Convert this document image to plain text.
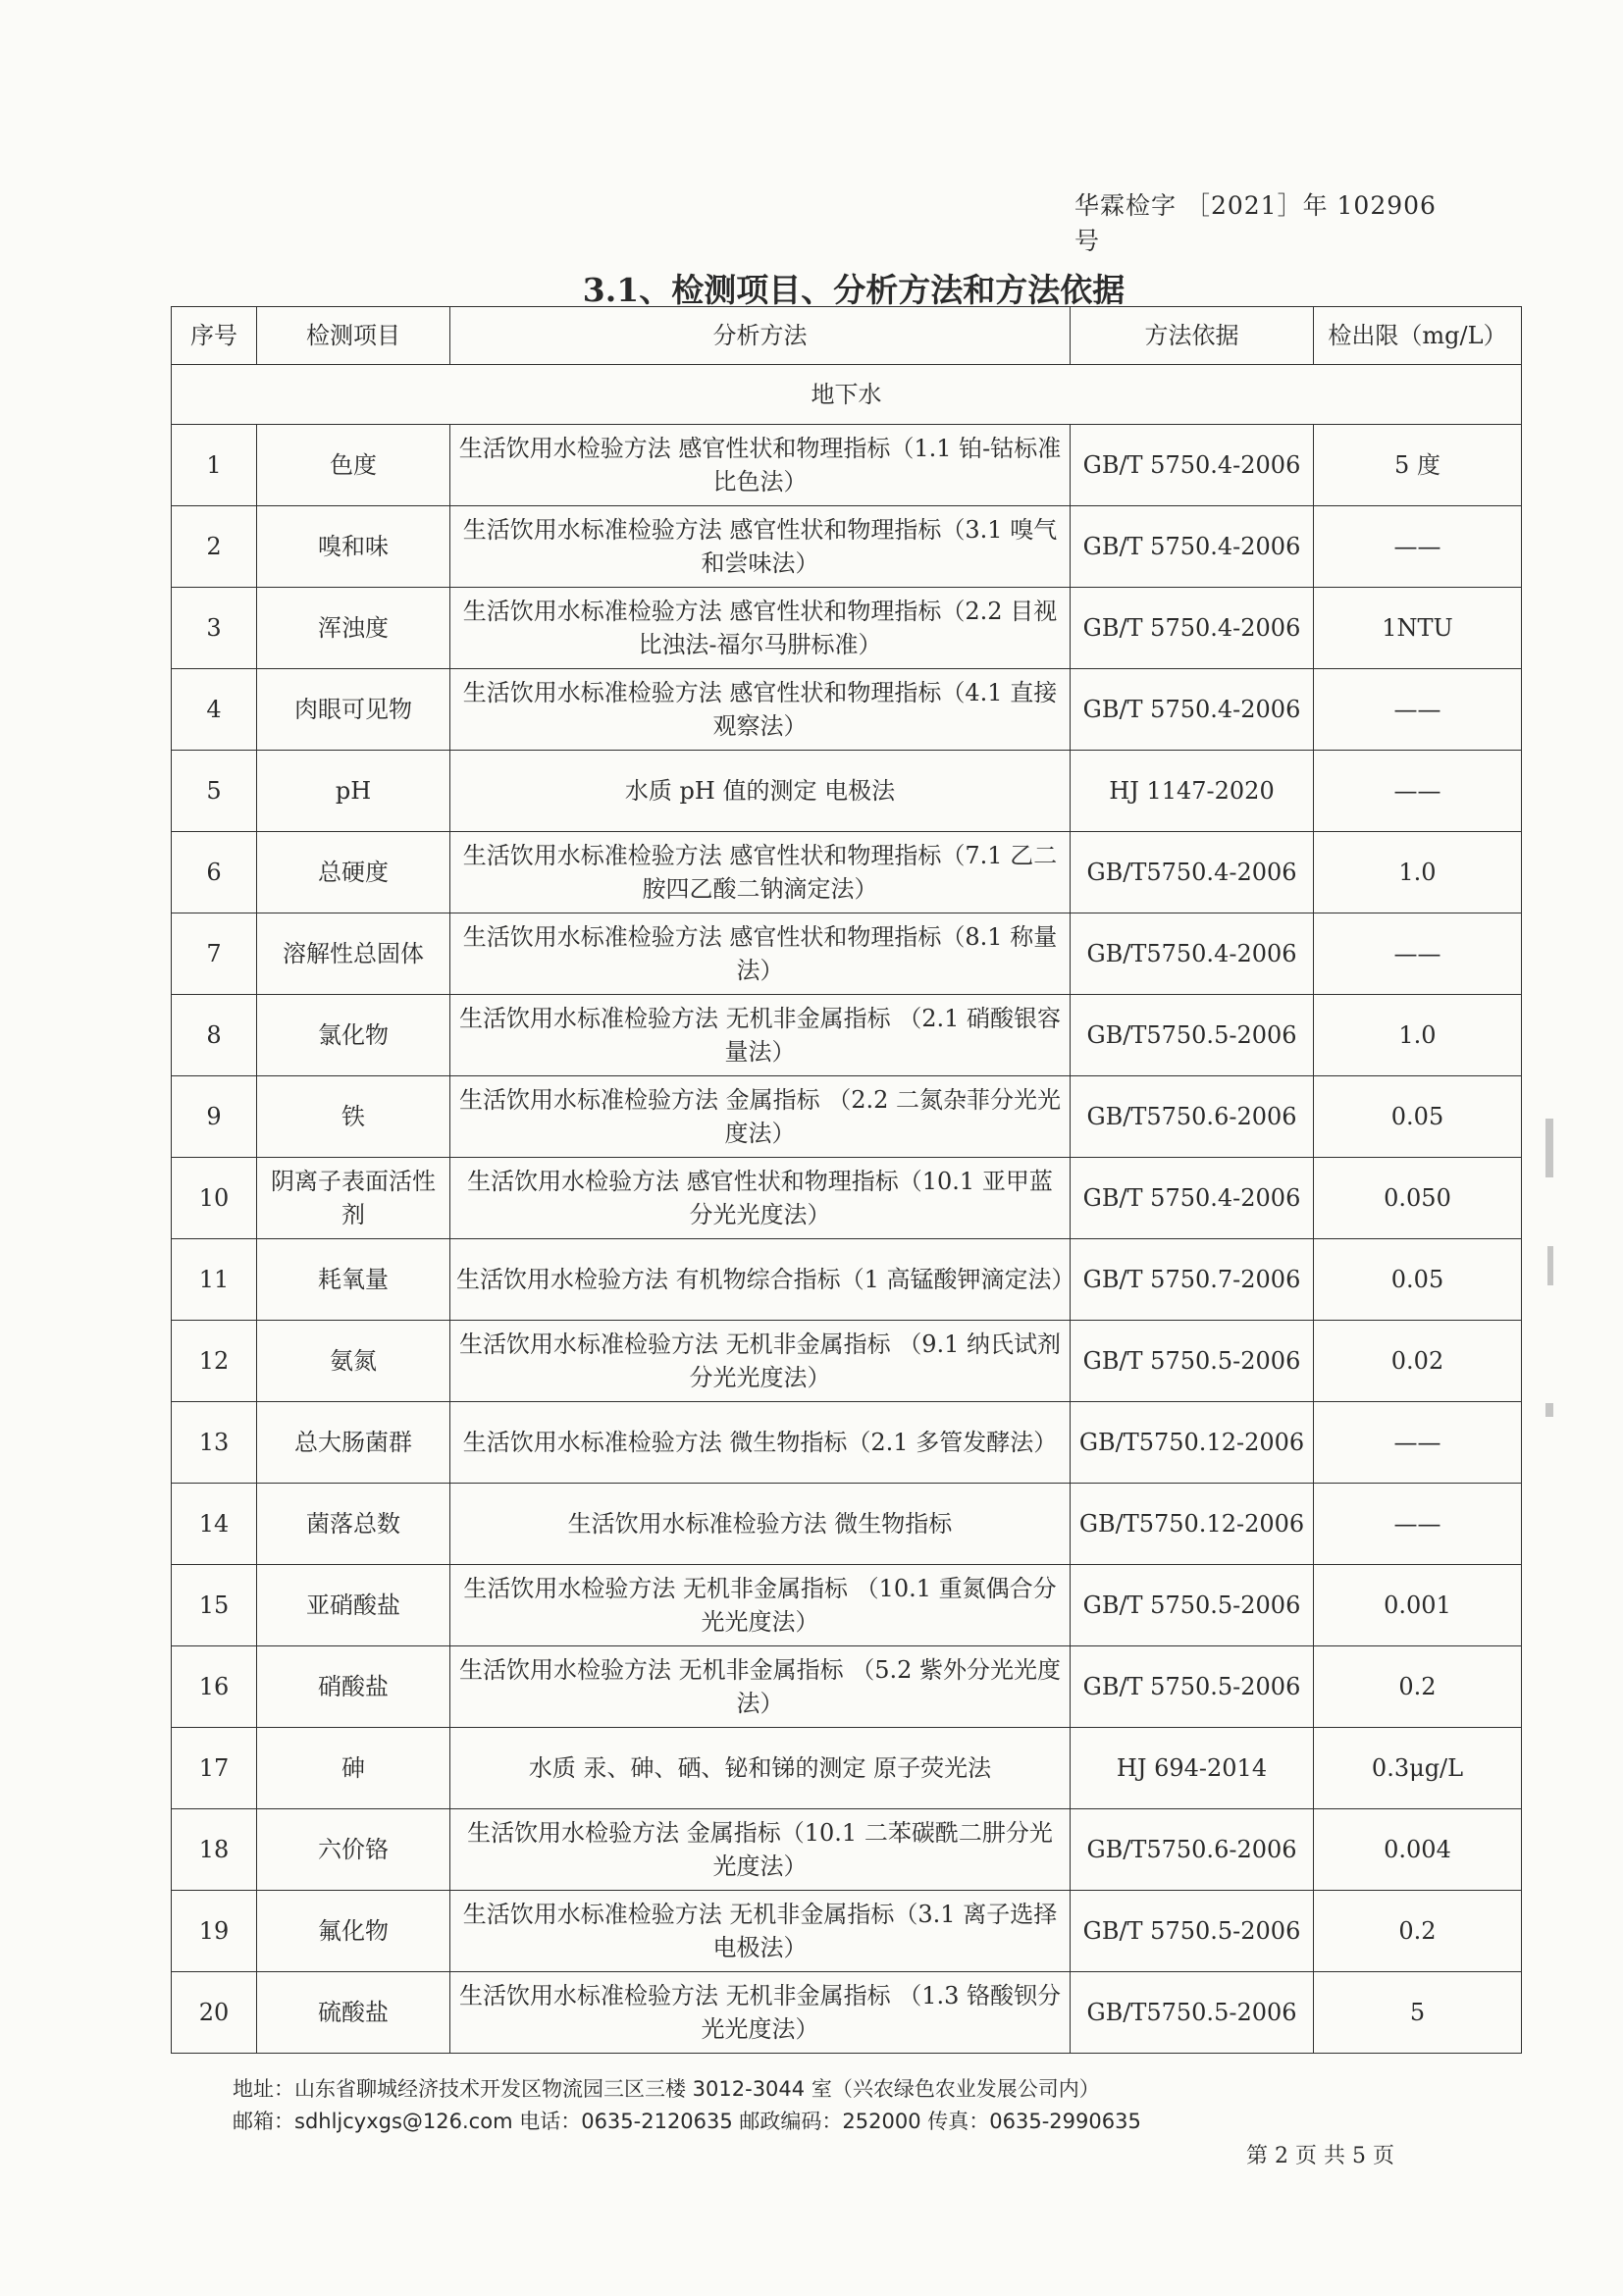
华霖检字 ［2021］年 102906 号
3.1、检测项目、分析方法和方法依据
序号	检测项目	分析方法	方法依据	检出限（mg/L）
地下水				
1	色度	生活饮用水检验方法 感官性状和物理指标（1.1 铂-钴标准比色法）	GB/T 5750.4-2006	5 度
2	嗅和味	生活饮用水标准检验方法 感官性状和物理指标（3.1 嗅气和尝味法）	GB/T 5750.4-2006	——
3	浑浊度	生活饮用水标准检验方法 感官性状和物理指标（2.2 目视比浊法-福尔马肼标准）	GB/T 5750.4-2006	1NTU
4	肉眼可见物	生活饮用水标准检验方法 感官性状和物理指标（4.1 直接观察法）	GB/T 5750.4-2006	——
5	pH	水质 pH 值的测定 电极法	HJ 1147-2020	——
6	总硬度	生活饮用水标准检验方法 感官性状和物理指标（7.1 乙二胺四乙酸二钠滴定法）	GB/T5750.4-2006	1.0
7	溶解性总固体	生活饮用水标准检验方法 感官性状和物理指标（8.1 称量法）	GB/T5750.4-2006	——
8	氯化物	生活饮用水标准检验方法 无机非金属指标 （2.1 硝酸银容量法）	GB/T5750.5-2006	1.0
9	铁	生活饮用水标准检验方法 金属指标 （2.2 二氮杂菲分光光度法）	GB/T5750.6-2006	0.05
10	阴离子表面活性剂	生活饮用水检验方法 感官性状和物理指标（10.1 亚甲蓝分光光度法）	GB/T 5750.4-2006	0.050
11	耗氧量	生活饮用水检验方法 有机物综合指标（1 高锰酸钾滴定法）	GB/T 5750.7-2006	0.05
12	氨氮	生活饮用水标准检验方法 无机非金属指标 （9.1 纳氏试剂分光光度法）	GB/T 5750.5-2006	0.02
13	总大肠菌群	生活饮用水标准检验方法 微生物指标（2.1 多管发酵法）	GB/T5750.12-2006	——
14	菌落总数	生活饮用水标准检验方法 微生物指标	GB/T5750.12-2006	——
15	亚硝酸盐	生活饮用水检验方法 无机非金属指标 （10.1 重氮偶合分光光度法）	GB/T 5750.5-2006	0.001
16	硝酸盐	生活饮用水检验方法 无机非金属指标 （5.2 紫外分光光度法）	GB/T 5750.5-2006	0.2
17	砷	水质 汞、砷、硒、铋和锑的测定 原子荧光法	HJ 694-2014	0.3μg/L
18	六价铬	生活饮用水检验方法 金属指标（10.1 二苯碳酰二肼分光光度法）	GB/T5750.6-2006	0.004
19	氟化物	生活饮用水标准检验方法 无机非金属指标（3.1 离子选择电极法）	GB/T 5750.5-2006	0.2
20	硫酸盐	生活饮用水标准检验方法 无机非金属指标 （1.3 铬酸钡分光光度法）	GB/T5750.5-2006	5
地址：山东省聊城经济技术开发区物流园三区三楼 3012-3044 室（兴农绿色农业发展公司内）
邮箱：sdhljcyxgs@126.com 电话：0635-2120635 邮政编码：252000 传真：0635-2990635
第 2 页 共 5 页
